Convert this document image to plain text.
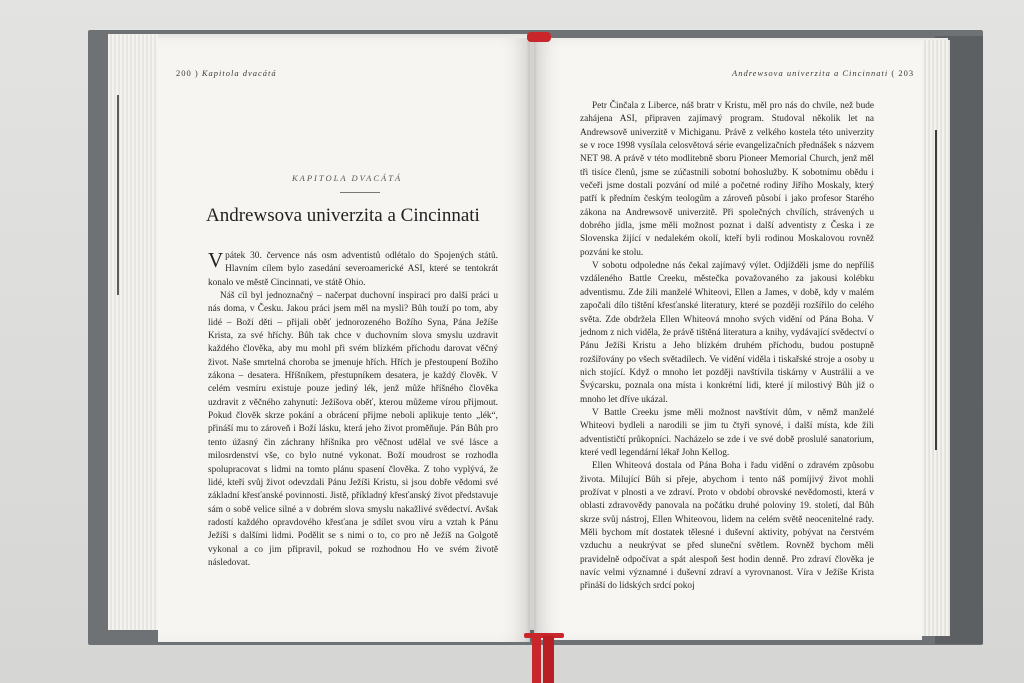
200 ) Kapitola dvacátá	Andrewsova univerzita a Cincinnati ( 203
KAPITOLA DVACÁTÁ
Andrewsova univerzita a Cincinnati

V pátek 30. července nás osm adventistů odlétalo do Spojených států. Hlavním cílem bylo zasedání severoamerické ASI, které se tentokrát konalo ve městě Cincinnati, ve státě Ohio.

Náš cíl byl jednoznačný – načerpat duchovní inspiraci pro další práci u nás doma, v Česku. Jakou práci jsem měl na mysli? Bůh touží po tom, aby lidé – Boží děti – přijali oběť jednorozeného Božího Syna, Pána Ježíše Krista, za své hříchy. Bůh tak chce v duchovním slova smyslu uzdravit každého člověka, aby mu mohl při svém blízkém příchodu darovat věčný život. Naše smrtelná choroba se jmenuje hřích. Hřích je přestoupení Božího zákona – desatera. Hříšníkem, přestupníkem desatera, je každý člověk. V celém vesmíru existuje pouze jediný lék, jenž může hříšného člověka uzdravit z věčného zahynutí: Ježíšova oběť, kterou můžeme vírou přijmout. Pokud člověk skrze pokání a obrácení přijme neboli aplikuje tento „lék“, přináší mu to zároveň i Boží lásku, která jeho život proměňuje. Pán Bůh pro tento úžasný čin záchrany hříšníka pro věčnost udělal ve své lásce a milosrdenství vše, co bylo nutné vykonat. Boží moudrost se rozhodla spolupracovat s lidmi na tomto plánu spasení člověka. Z toho vyplývá, že lidé, kteří svůj život odevzdali Pánu Ježíši Kristu, si jsou dobře vědomi své základní křesťanské povinnosti. Jistě, příkladný křesťanský život představuje sám o sobě velice silné a v dobrém slova smyslu nakažlivé svědectví. Avšak radostí každého opravdového křesťana je sdílet svou víru a vztah k Pánu Ježíši s dalšími lidmi. Podělit se s nimi o to, co pro ně Ježíš na Golgotě vykonal a co jim připravil, pokud se rozhodnou Ho ve svém životě následovat.

Petr Činčala z Liberce, náš bratr v Kristu, měl pro nás do chvíle, než bude zahájena ASI, připraven zajímavý program. Studoval několik let na Andrewsově univerzitě v Michiganu. Právě z velkého kostela této univerzity se v roce 1998 vysílala celosvětová série evangelizačních přednášek s názvem NET 98. A právě v této modlitebně sboru Pioneer Memorial Church, jenž měl tři tisíce členů, jsme se zúčastnili sobotní bohoslužby. K sobotnímu obědu i večeři jsme dostali pozvání od milé a početné rodiny Jiřího Moskaly, který patří k předním českým teologům a zároveň působí i jako profesor Starého zákona na Andrewsově univerzitě. Při společných chvílích, strávených u dobrého jídla, jsme měli možnost poznat i další adventisty z Česka i ze Slovenska žijící v nedalekém okolí, kteří byli rodinou Moskalovou rovněž pozváni ke stolu.

V sobotu odpoledne nás čekal zajímavý výlet. Odjížděli jsme do nepříliš vzdáleného Battle Creeku, městečka považovaného za jakousi kolébku adventismu. Zde žili manželé Whiteovi, Ellen a James, v době, kdy v malém započali dílo tištění křesťanské literatury, které se později rozšířilo do celého světa. Zde obdržela Ellen Whiteová mnoho svých vidění od Pána Boha. V jednom z nich viděla, že právě tištěná literatura a knihy, vydávající svědectví o Pánu Ježíši Kristu a Jeho blízkém druhém příchodu, budou postupně rozšiřovány po všech světadílech. Ve vidění viděla i tiskařské stroje a osoby u nich stojící. Když o mnoho let později navštívila tiskárny v Austrálii a ve Švýcarsku, poznala ona místa i konkrétní lidi, které jí milostivý Bůh již o mnoho let dříve ukázal.

V Battle Creeku jsme měli možnost navštívit dům, v němž manželé Whiteovi bydleli a narodili se jim tu čtyři synové, i další místa, kde žili adventističtí průkopníci. Nacházelo se zde i ve své době proslulé sanatorium, které vedl legendární lékař John Kellog.

Ellen Whiteová dostala od Pána Boha i řadu vidění o zdravém způsobu života. Milující Bůh si přeje, abychom i tento náš pomíjivý život mohli prožívat v plnosti a ve zdraví. Proto v období obrovské nevědomosti, která v oblasti zdravovědy panovala na počátku druhé poloviny 19. století, dal Bůh skrze svůj nástroj, Ellen Whiteovou, lidem na celém světě neocenitelné rady. Měli bychom mít dostatek tělesné i duševní aktivity, pobývat na čerstvém vzduchu a neukrývat se před sluneční světlem. Rovněž bychom měli pravidelně odpočívat a spát alespoň šest hodin denně. Pro zdraví člověka je navíc velmi významné i duševní zdraví a vyrovnanost. Víra v Ježíše Krista přináší do lidských srdcí pokoj
